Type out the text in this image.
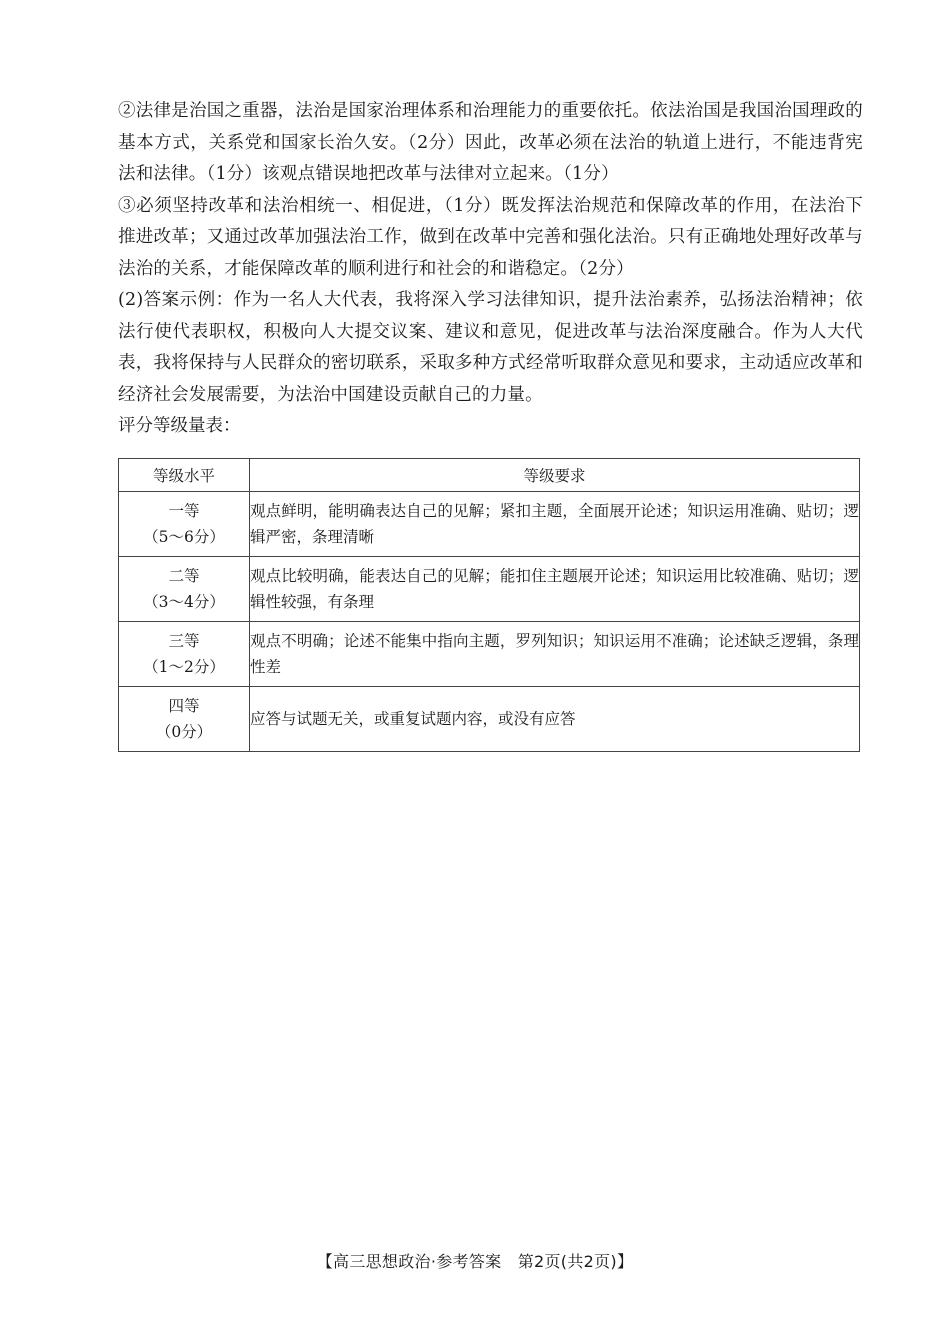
②法律是治国之重器，法治是国家治理体系和治理能力的重要依托。依法治国是我国治国理政的基本方式，关系党和国家长治久安。（2分）因此，改革必须在法治的轨道上进行，不能违背宪法和法律。（1分）该观点错误地把改革与法律对立起来。（1分）

③必须坚持改革和法治相统一、相促进，（1分）既发挥法治规范和保障改革的作用，在法治下推进改革；又通过改革加强法治工作，做到在改革中完善和强化法治。只有正确地处理好改革与法治的关系，才能保障改革的顺利进行和社会的和谐稳定。（2分）

(2)答案示例：作为一名人大代表，我将深入学习法律知识，提升法治素养，弘扬法治精神；依法行使代表职权，积极向人大提交议案、建议和意见，促进改革与法治深度融合。作为人大代表，我将保持与人民群众的密切联系，采取多种方式经常听取群众意见和要求，主动适应改革和经济社会发展需要，为法治中国建设贡献自己的力量。

评分等级量表：

等级水平	等级要求

一等
（5～6分）	观点鲜明，能明确表达自己的见解；紧扣主题，全面展开论述；知识运用准确、贴切；逻辑严密，条理清晰

二等
（3～4分）	观点比较明确，能表达自己的见解；能扣住主题展开论述；知识运用比较准确、贴切；逻辑性较强，有条理

三等
（1～2分）	观点不明确；论述不能集中指向主题，罗列知识；知识运用不准确；论述缺乏逻辑，条理性差

四等
（0分）	应答与试题无关，或重复试题内容，或没有应答
【高三思想政治·参考答案　第2页(共2页)】
